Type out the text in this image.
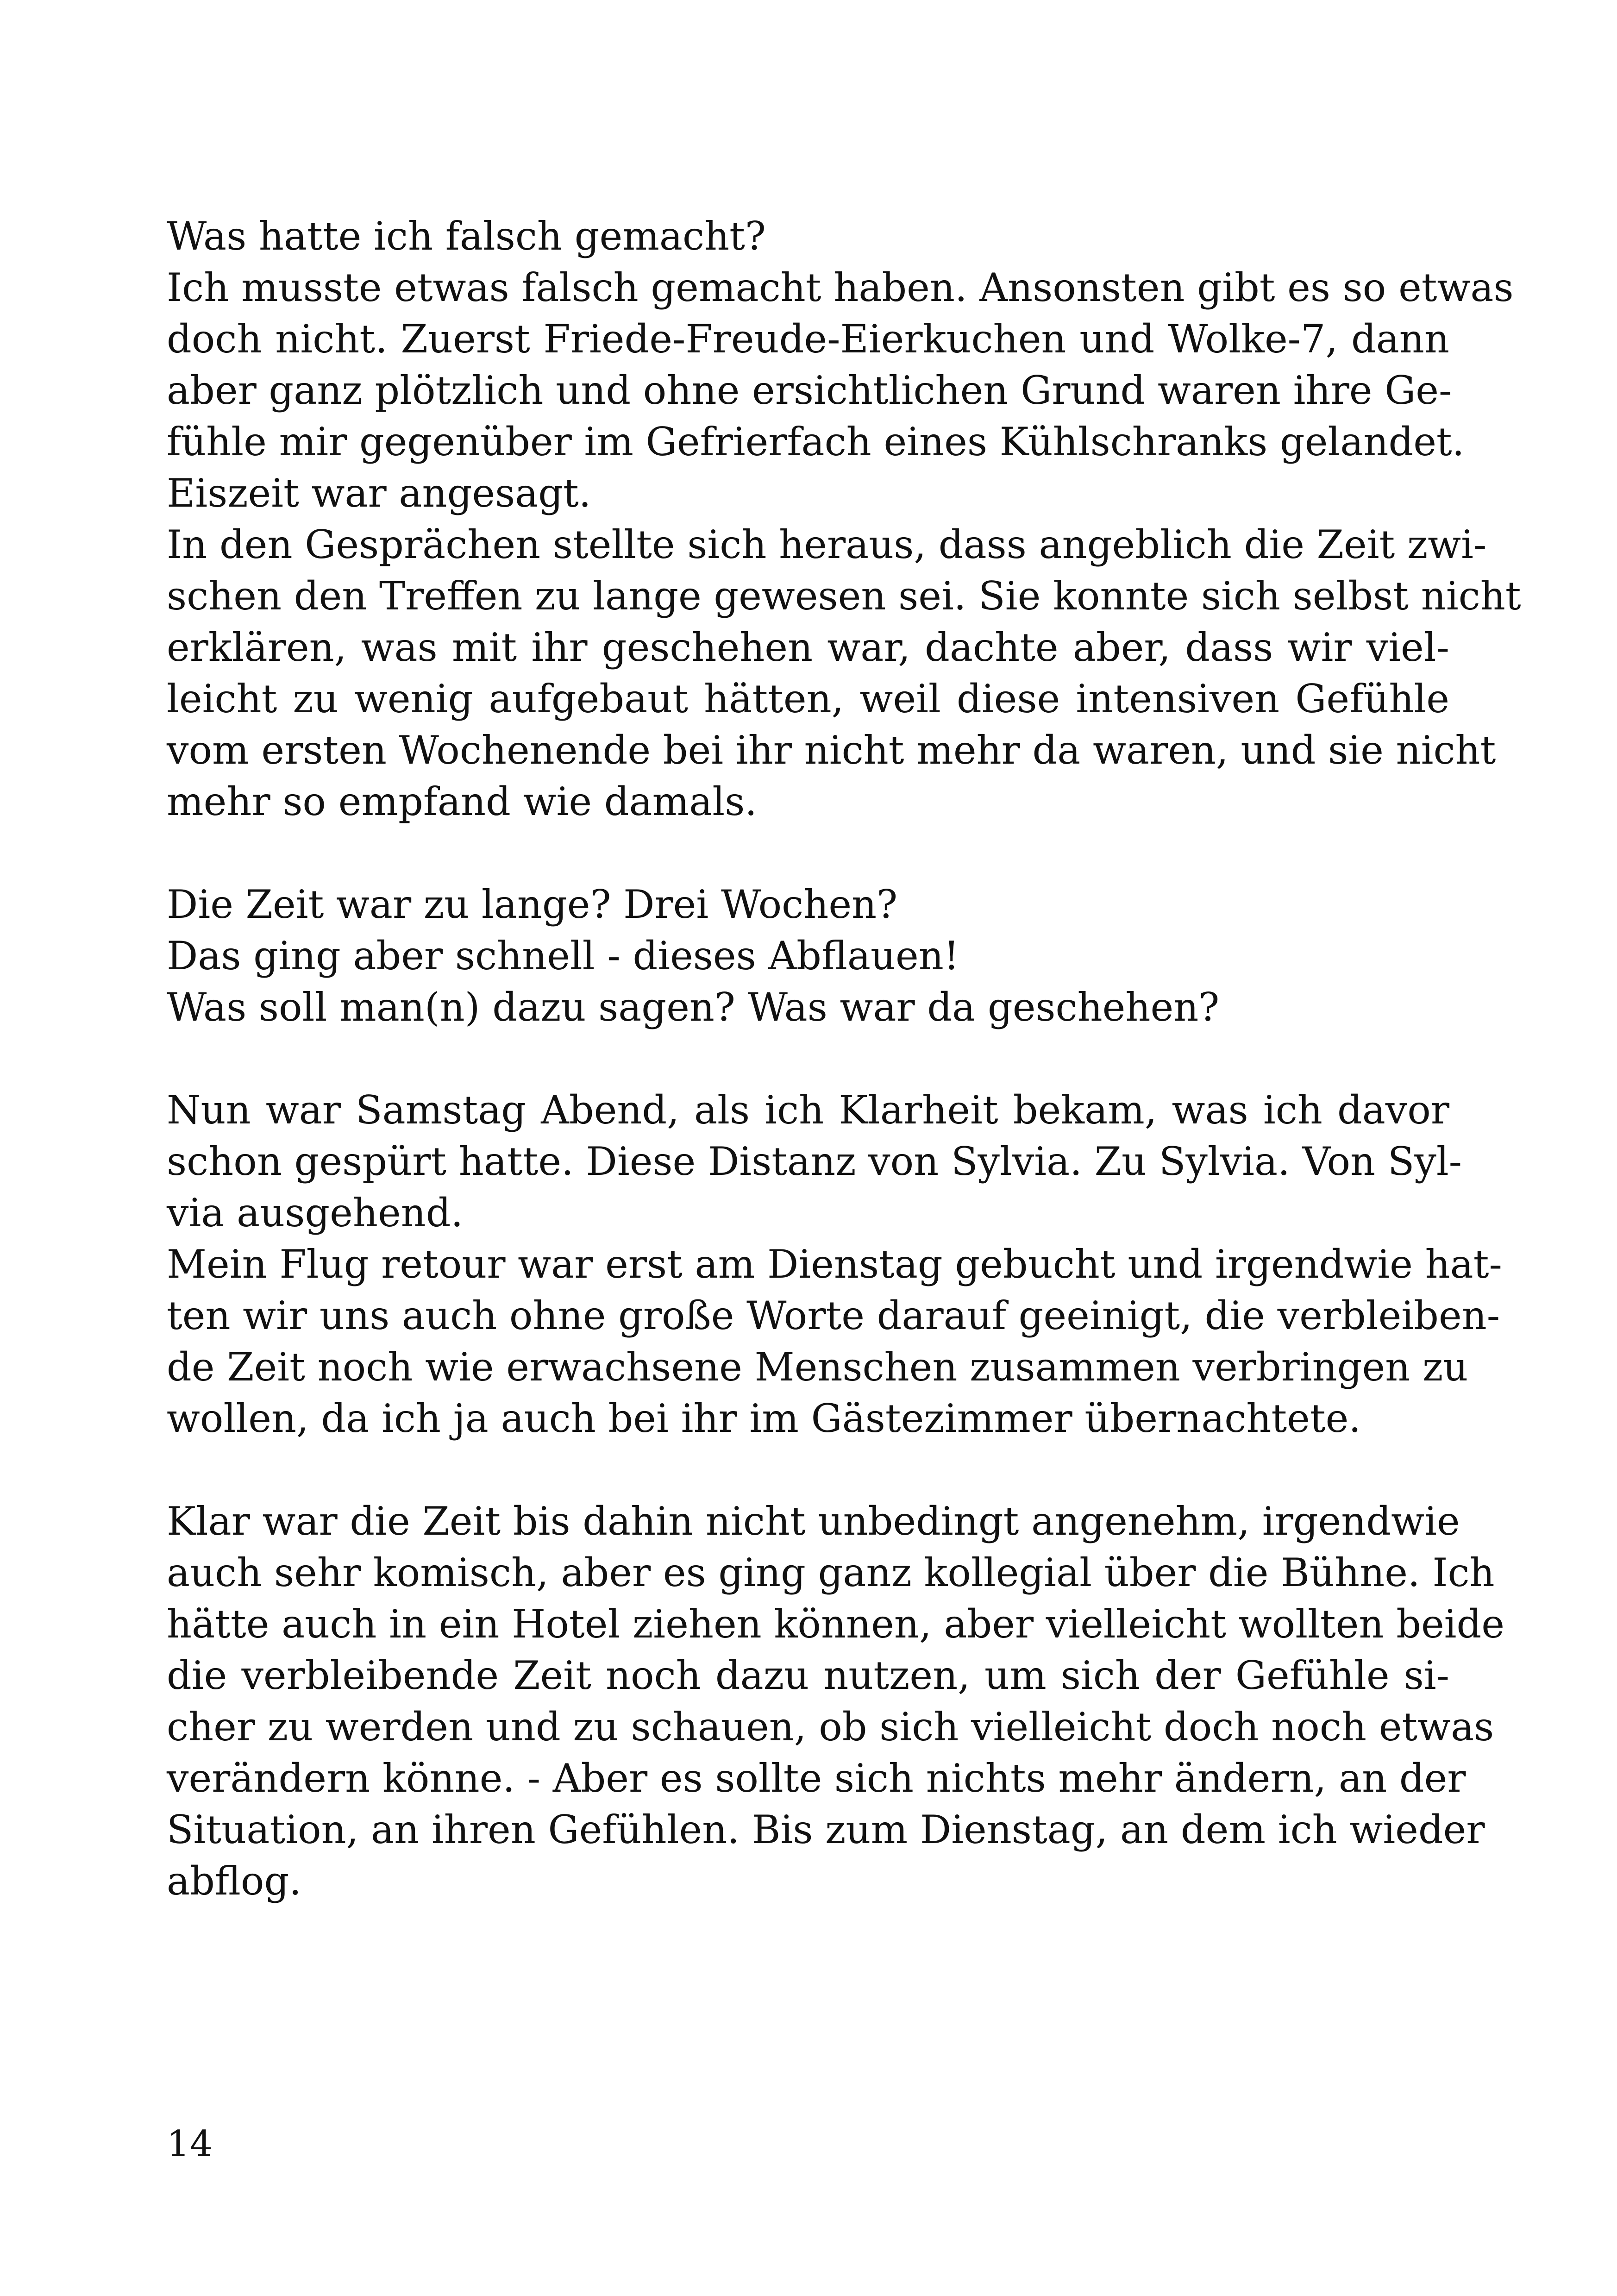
Was hatte ich falsch gemacht?
Ich musste etwas falsch gemacht haben. Ansonsten gibt es so etwas
doch nicht. Zuerst Friede-Freude-Eierkuchen und Wolke-7, dann
aber ganz plötzlich und ohne ersichtlichen Grund waren ihre Ge-
fühle mir gegenüber im Gefrierfach eines Kühlschranks gelandet.
Eiszeit war angesagt.
In den Gesprächen stellte sich heraus, dass angeblich die Zeit zwi-
schen den Treffen zu lange gewesen sei. Sie konnte sich selbst nicht
erklären, was mit ihr geschehen war, dachte aber, dass wir viel-
leicht zu wenig aufgebaut hätten, weil diese intensiven Gefühle
vom ersten Wochenende bei ihr nicht mehr da waren, und sie nicht
mehr so empfand wie damals.
Die Zeit war zu lange? Drei Wochen?
Das ging aber schnell - dieses Abflauen!
Was soll man(n) dazu sagen? Was war da geschehen?
Nun war Samstag Abend, als ich Klarheit bekam, was ich davor
schon gespürt hatte. Diese Distanz von Sylvia. Zu Sylvia. Von Syl-
via ausgehend.
Mein Flug retour war erst am Dienstag gebucht und irgendwie hat-
ten wir uns auch ohne große Worte darauf geeinigt, die verbleiben-
de Zeit noch wie erwachsene Menschen zusammen verbringen zu
wollen, da ich ja auch bei ihr im Gästezimmer übernachtete.
Klar war die Zeit bis dahin nicht unbedingt angenehm, irgendwie
auch sehr komisch, aber es ging ganz kollegial über die Bühne. Ich
hätte auch in ein Hotel ziehen können, aber vielleicht wollten beide
die verbleibende Zeit noch dazu nutzen, um sich der Gefühle si-
cher zu werden und zu schauen, ob sich vielleicht doch noch etwas
verändern könne. - Aber es sollte sich nichts mehr ändern, an der
Situation, an ihren Gefühlen. Bis zum Dienstag, an dem ich wieder
abflog.
14
